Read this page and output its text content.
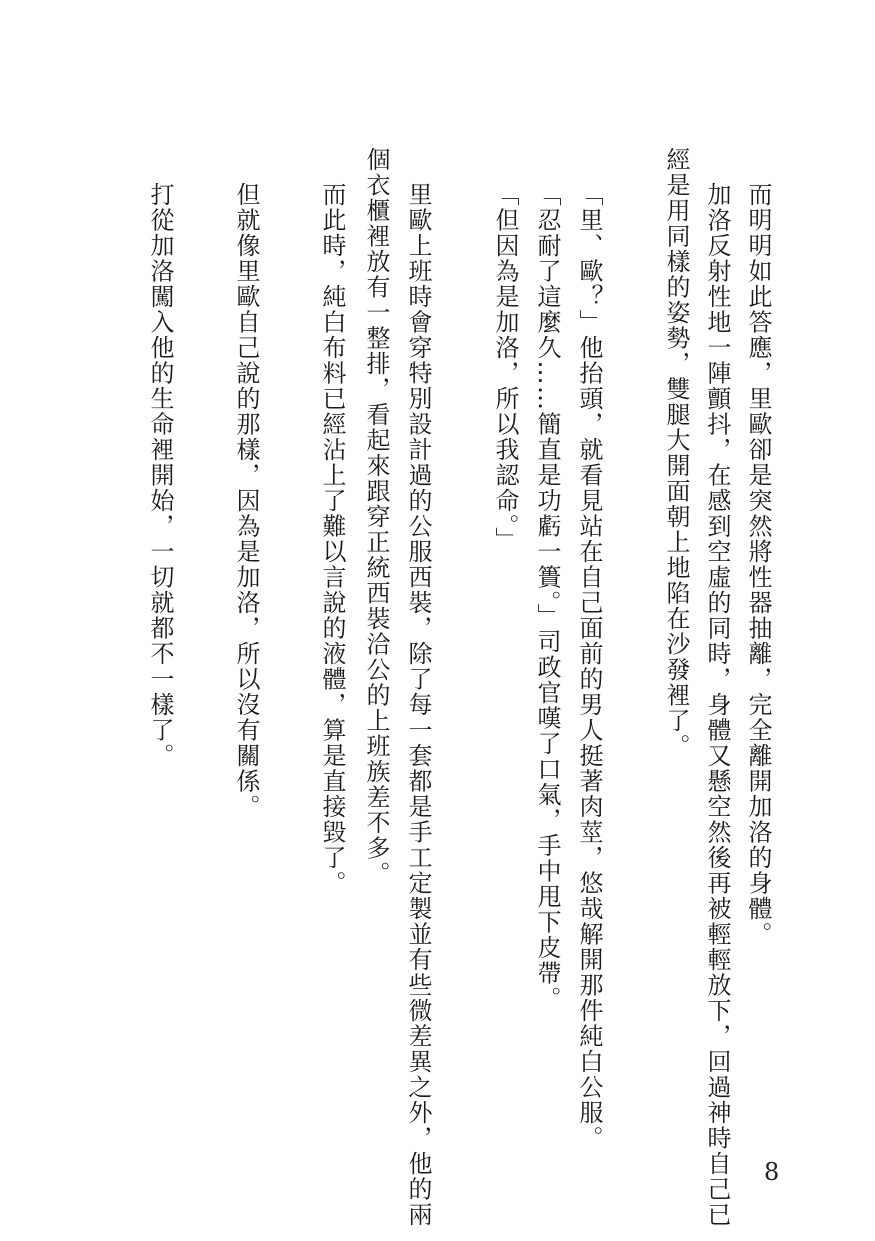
而明明如此答應，里歐卻是突然將性器抽離，完全離開加洛的身體。

加洛反射性地一陣顫抖，在感到空虛的同時，身體又懸空然後再被輕輕放下，回過神時自己已

經是用同樣的姿勢，雙腿大開面朝上地陷在沙發裡了。

「里、歐？」他抬頭，就看見站在自己面前的男人挺著肉莖，悠哉解開那件純白公服。

「忍耐了這麼久……簡直是功虧一簣。」司政官嘆了口氣，手中甩下皮帶。

「但因為是加洛，所以我認命。」

里歐上班時會穿特別設計過的公服西裝，除了每一套都是手工定製並有些微差異之外，他的兩

個衣櫃裡放有一整排，看起來跟穿正統西裝洽公的上班族差不多。

而此時，純白布料已經沾上了難以言說的液體，算是直接毀了。

但就像里歐自己說的那樣，因為是加洛，所以沒有關係。

打從加洛闖入他的生命裡開始，一切就都不一樣了。

8
